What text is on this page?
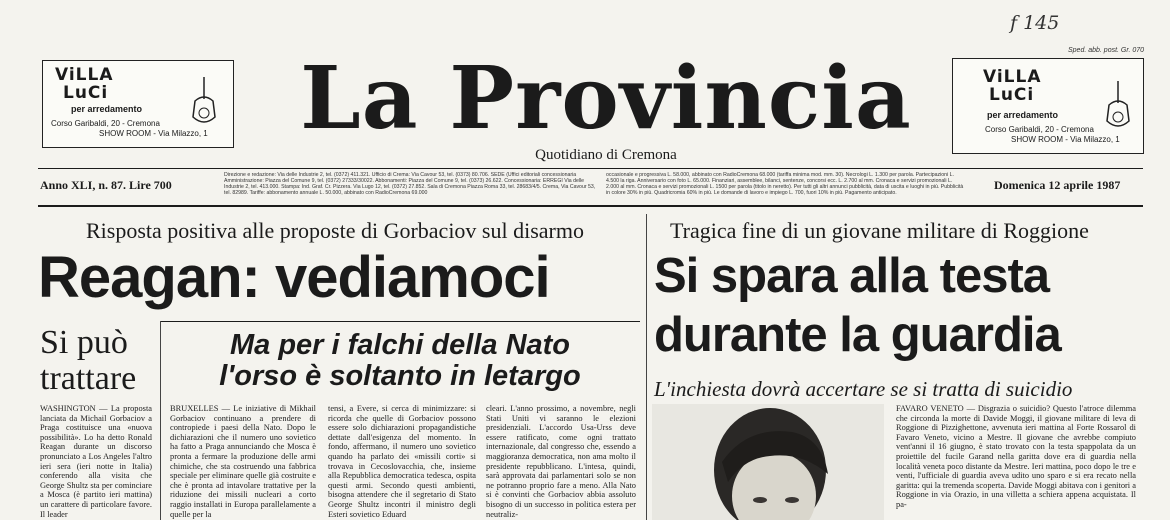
f 145
Sped. abb. post. Gr. 070
ViLLA
LuCi
per arredamento
Corso Garibaldi, 20 - Cremona
SHOW ROOM - Via Milazzo, 1
ViLLA
LuCi
per arredamento
Corso Garibaldi, 20 - Cremona
SHOW ROOM - Via Milazzo, 1
La Provincia
Quotidiano di Cremona
Anno XLI, n. 87. Lire 700
Direzione e redazione: Via delle Industrie 2, tel. (0372) 411.321. Ufficio di Crema: Via Cavour 53, tel. (0373) 80.706. SEDE (Uffici editoriali concessionaria Amministrazione: Piazza del Comune 9, tel. (0372) 27333/30022. Abbonamenti: Piazza del Comune 9, tel. (0373) 26.622. Concessionaria: ERREGI Via delle Industrie 2, tel. 413.000. Stampa: Ind. Graf. Cr. Pizzera. Via Lugo 12, tel. (0372) 27.852. Sala di Cremona Piazza Roma 33, tel. 28683/4/5. Crema, Via Cavour 53, tel. 82989. Tariffe: abbonamento annuale L. 50.000, abbinato con RadioCremona 69.000
occasionale e progressiva L. 58.000, abbinato con RadioCremona 68.000 (tariffa minima mod. mm. 30). Necrologi L. 1.300 per parola. Partecipazioni L. 4.500 la riga. Anniversario con foto L. 65.000. Finanziari, assemblee, bilanci, sentenze, concorsi ecc. L. 2.700 al mm. Cronaca e servizi promozionali L. 2.000 al mm. Cronaca e servizi promozionali L. 1500 per parola (titolo in neretto). Per tutti gli altri annunci pubblicità, data di uscita e luoghi in più. Pubblicità in colore 30% in più. Quadricromia 60% in più. Le domande di lavoro e impiego L. 700, fuori 10% in più. Pagamento anticipato.
Domenica 12 aprile 1987
Risposta positiva alle proposte di Gorbaciov sul disarmo
Reagan: vediamoci
Si può trattare
WASHINGTON — La proposta lanciata da Michail Gorbaciov a Praga costituisce una «nuova possibilità». Lo ha detto Ronald Reagan durante un discorso pronunciato a Los Angeles l'altro ieri sera (ieri notte in Italia) conferendo alla visita che George Shultz sta per cominciare a Mosca (è partito ieri mattina) un carattere di particolare favore. Il leader
Ma per i falchi della Nato l'orso è soltanto in letargo
BRUXELLES — Le iniziative di Mikhail Gorbaciov continuano a prendere di contropiede i paesi della Nato. Dopo le dichiarazioni che il numero uno sovietico ha fatto a Praga annunciando che Mosca è pronta a fermare la produzione delle armi chimiche, che sta costruendo una fabbrica speciale per eliminare quelle già costruite e che è pronta ad intavolare trattative per la riduzione dei missili nucleari a corto raggio installati in Europa parallelamente a quelle per la
tensi, a Evere, si cerca di minimizzare: si ricorda che quelle di Gorbaciov possono essere solo dichiarazioni propagandistiche dettate dall'esigenza del momento. In fondo, affermano, il numero uno sovietico quando ha parlato dei «missili corti» si trovava in Cecoslovacchia, che, insieme alla Repubblica democratica tedesca, ospita questi armi. Secondo questi ambienti, bisogna attendere che il segretario di Stato George Shultz incontri il ministro degli Esteri sovietico Eduard
cleari. L'anno prossimo, a novembre, negli Stati Uniti vi saranno le elezioni presidenziali. L'accordo Usa-Urss deve essere ratificato, come ogni trattato internazionale, dal congresso che, essendo a maggioranza democratica, non ama molto il presidente repubblicano. L'intesa, quindi, sarà approvata dai parlamentari solo se non ne potranno proprio fare a meno. Alla Nato si è convinti che Gorbaciov abbia assoluto bisogno di un successo in politica estera per neutraliz-
Tragica fine di un giovane militare di Roggione
Si spara alla testa
durante la guardia
L'inchiesta dovrà accertare se si tratta di suicidio
FAVARO VENETO — Disgrazia o suicidio? Questo l'atroce dilemma che circonda la morte di Davide Moggi, il giovane militare di leva di Roggione di Pizzighettone, avvenuta ieri mattina al Forte Rossarol di Favaro Veneto, vicino a Mestre. Il giovane che avrebbe compiuto vent'anni il 16 giugno, è stato trovato con la testa spappolata da un proiettile del fucile Garand nella garitta dove era di guardia nella località veneta poco distante da Mestre. Ieri mattina, poco dopo le tre e venti, l'ufficiale di guardia aveva udito uno sparo e si era recato nella garitta: qui la tremenda scoperta. Davide Moggi abitava con i genitori a Roggione in via Orazio, in una villetta a schiera appena acquistata. Il pa-
